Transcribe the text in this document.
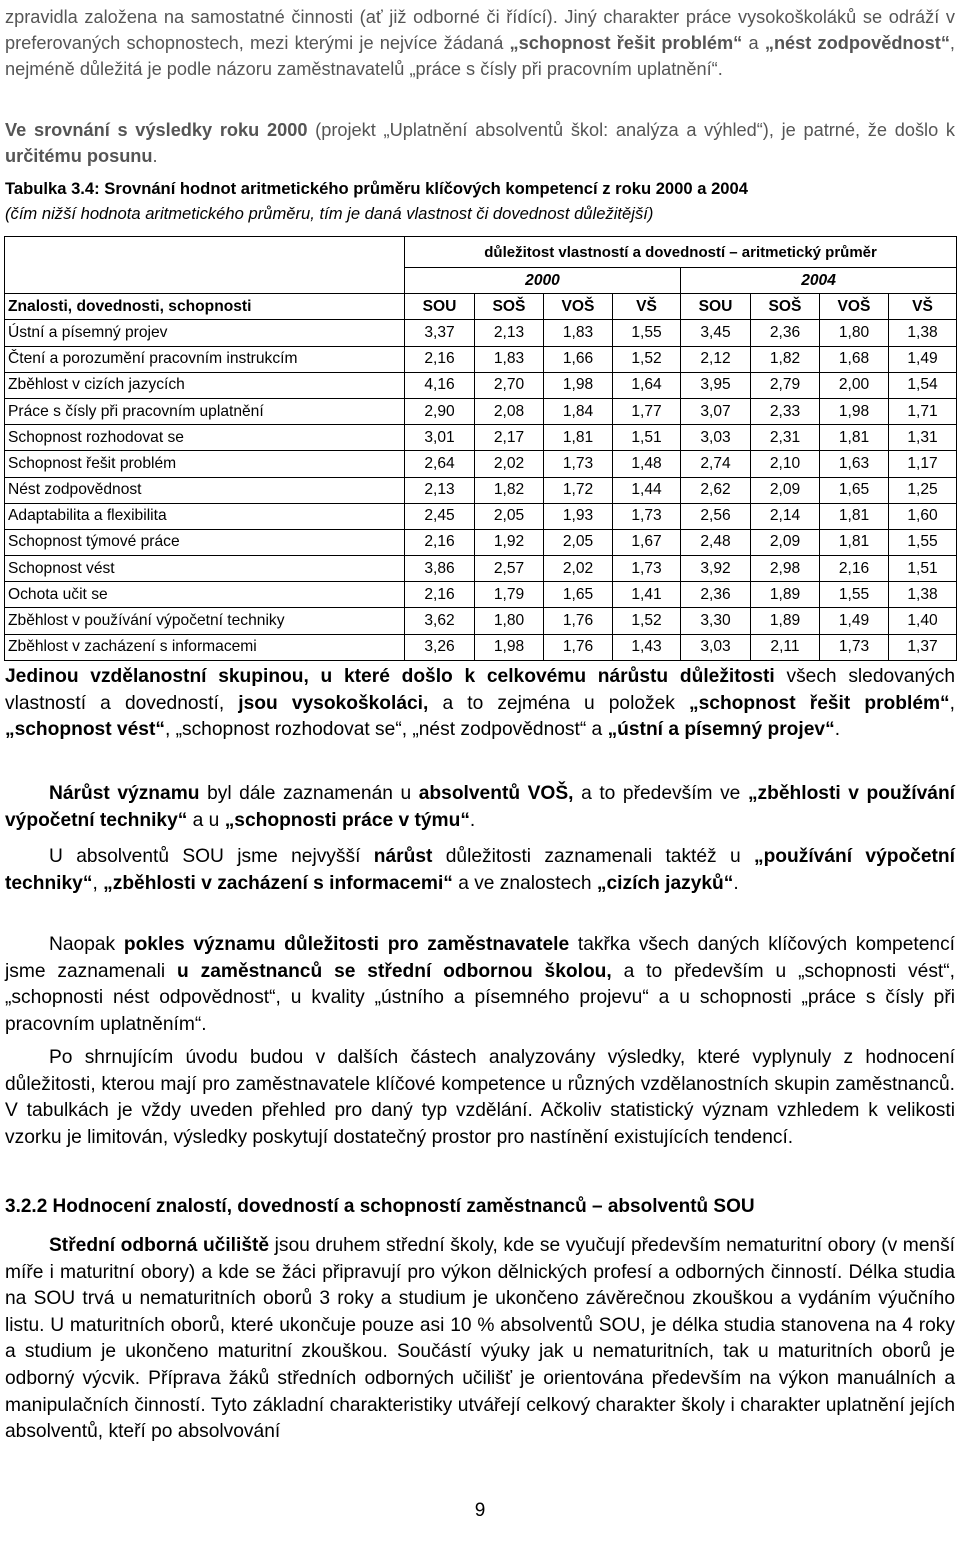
zpravidla založena na samostatné činnosti (ať již odborné či řídící). Jiný charakter práce vysokoškoláků se odráží v preferovaných schopnostech, mezi kterými je nejvíce žádaná „schopnost řešit problém“ a „nést zodpovědnost“, nejméně důležitá je podle názoru zaměstnavatelů „práce s čísly při pracovním uplatnění“.

Ve srovnání s výsledky roku 2000 (projekt „Uplatnění absolventů škol: analýza a výhled“), je patrné, že došlo k určitému posunu.

Tabulka 3.4: Srovnání hodnot aritmetického průměru klíčových kompetencí z roku 2000 a 2004
(čím nižší hodnota aritmetického průměru, tím je daná vlastnost či dovednost důležitější)
	důležitost vlastností a dovedností – aritmetický průměr							
	2000				2004			
Znalosti, dovednosti, schopnosti	SOU	SOŠ	VOŠ	VŠ	SOU	SOŠ	VOŠ	VŠ
Ústní a písemný projev	3,37	2,13	1,83	1,55	3,45	2,36	1,80	1,38
Čtení a porozumění pracovním instrukcím	2,16	1,83	1,66	1,52	2,12	1,82	1,68	1,49
Zběhlost v cizích jazycích	4,16	2,70	1,98	1,64	3,95	2,79	2,00	1,54
Práce s čísly při pracovním uplatnění	2,90	2,08	1,84	1,77	3,07	2,33	1,98	1,71
Schopnost rozhodovat se	3,01	2,17	1,81	1,51	3,03	2,31	1,81	1,31
Schopnost řešit problém	2,64	2,02	1,73	1,48	2,74	2,10	1,63	1,17
Nést zodpovědnost	2,13	1,82	1,72	1,44	2,62	2,09	1,65	1,25
Adaptabilita a flexibilita	2,45	2,05	1,93	1,73	2,56	2,14	1,81	1,60
Schopnost týmové práce	2,16	1,92	2,05	1,67	2,48	2,09	1,81	1,55
Schopnost vést	3,86	2,57	2,02	1,73	3,92	2,98	2,16	1,51
Ochota učit se	2,16	1,79	1,65	1,41	2,36	1,89	1,55	1,38
Zběhlost v používání výpočetní techniky	3,62	1,80	1,76	1,52	3,30	1,89	1,49	1,40
Zběhlost v zacházení s informacemi	3,26	1,98	1,76	1,43	3,03	2,11	1,73	1,37

Jedinou vzdělanostní skupinou, u které došlo k celkovému nárůstu důležitosti všech sledovaných vlastností a dovedností, jsou vysokoškoláci, a to zejména u položek „schopnost řešit problém“, „schopnost vést“, „schopnost rozhodovat se“, „nést zodpovědnost“ a „ústní a písemný projev“.

Nárůst významu byl dále zaznamenán u absolventů VOŠ, a to především ve „zběhlosti v používání výpočetní techniky“ a u „schopnosti práce v týmu“.

U absolventů SOU jsme nejvyšší nárůst důležitosti zaznamenali taktéž u „používání výpočetní techniky“, „zběhlosti v zacházení s informacemi“ a ve znalostech „cizích jazyků“.

Naopak pokles významu důležitosti pro zaměstnavatele takřka všech daných klíčových kompetencí jsme zaznamenali u zaměstnanců se střední odbornou školou, a to především u „schopnosti vést“, „schopnosti nést odpovědnost“, u kvality „ústního a písemného projevu“ a u schopnosti „práce s čísly při pracovním uplatněním“.

Po shrnujícím úvodu budou v dalších částech analyzovány výsledky, které vyplynuly z hodnocení důležitosti, kterou mají pro zaměstnavatele klíčové kompetence u různých vzdělanostních skupin zaměstnanců. V tabulkách je vždy uveden přehled pro daný typ vzdělání. Ačkoliv statistický význam vzhledem k velikosti vzorku je limitován, výsledky poskytují dostatečný prostor pro nastínění existujících tendencí.

3.2.2 Hodnocení znalostí, dovedností a schopností zaměstnanců – absolventů SOU

Střední odborná učiliště jsou druhem střední školy, kde se vyučují především nematuritní obory (v menší míře i maturitní obory) a kde se žáci připravují pro výkon dělnických profesí a odborných činností. Délka studia na SOU trvá u nematuritních oborů 3 roky a studium je ukončeno závěrečnou zkouškou a vydáním výučního listu. U maturitních oborů, které ukončuje pouze asi 10 % absolventů SOU, je délka studia stanovena na 4 roky a studium je ukončeno maturitní zkouškou. Součástí výuky jak u nematuritních, tak u maturitních oborů je odborný výcvik. Příprava žáků středních odborných učilišť je orientována především na výkon manuálních a manipulačních činností. Tyto základní charakteristiky utvářejí celkový charakter školy i charakter uplatnění jejích absolventů, kteří po absolvování

9
